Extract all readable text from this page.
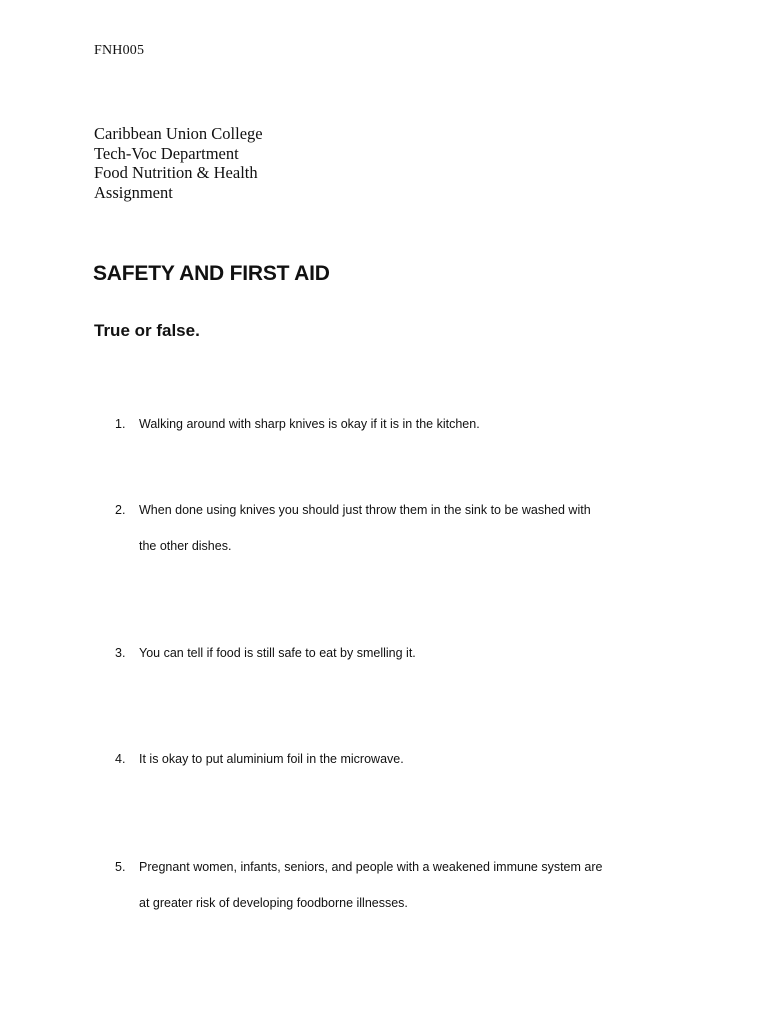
FNH005
Caribbean Union College
Tech-Voc Department
Food Nutrition & Health
Assignment
SAFETY AND FIRST AID
True or false.
1. Walking around with sharp knives is okay if it is in the kitchen.
2. When done using knives you should just throw them in the sink to be washed with
the other dishes.
3. You can tell if food is still safe to eat by smelling it.
4. It is okay to put aluminium foil in the microwave.
5. Pregnant women, infants, seniors, and people with a weakened immune system are
at greater risk of developing foodborne illnesses.
